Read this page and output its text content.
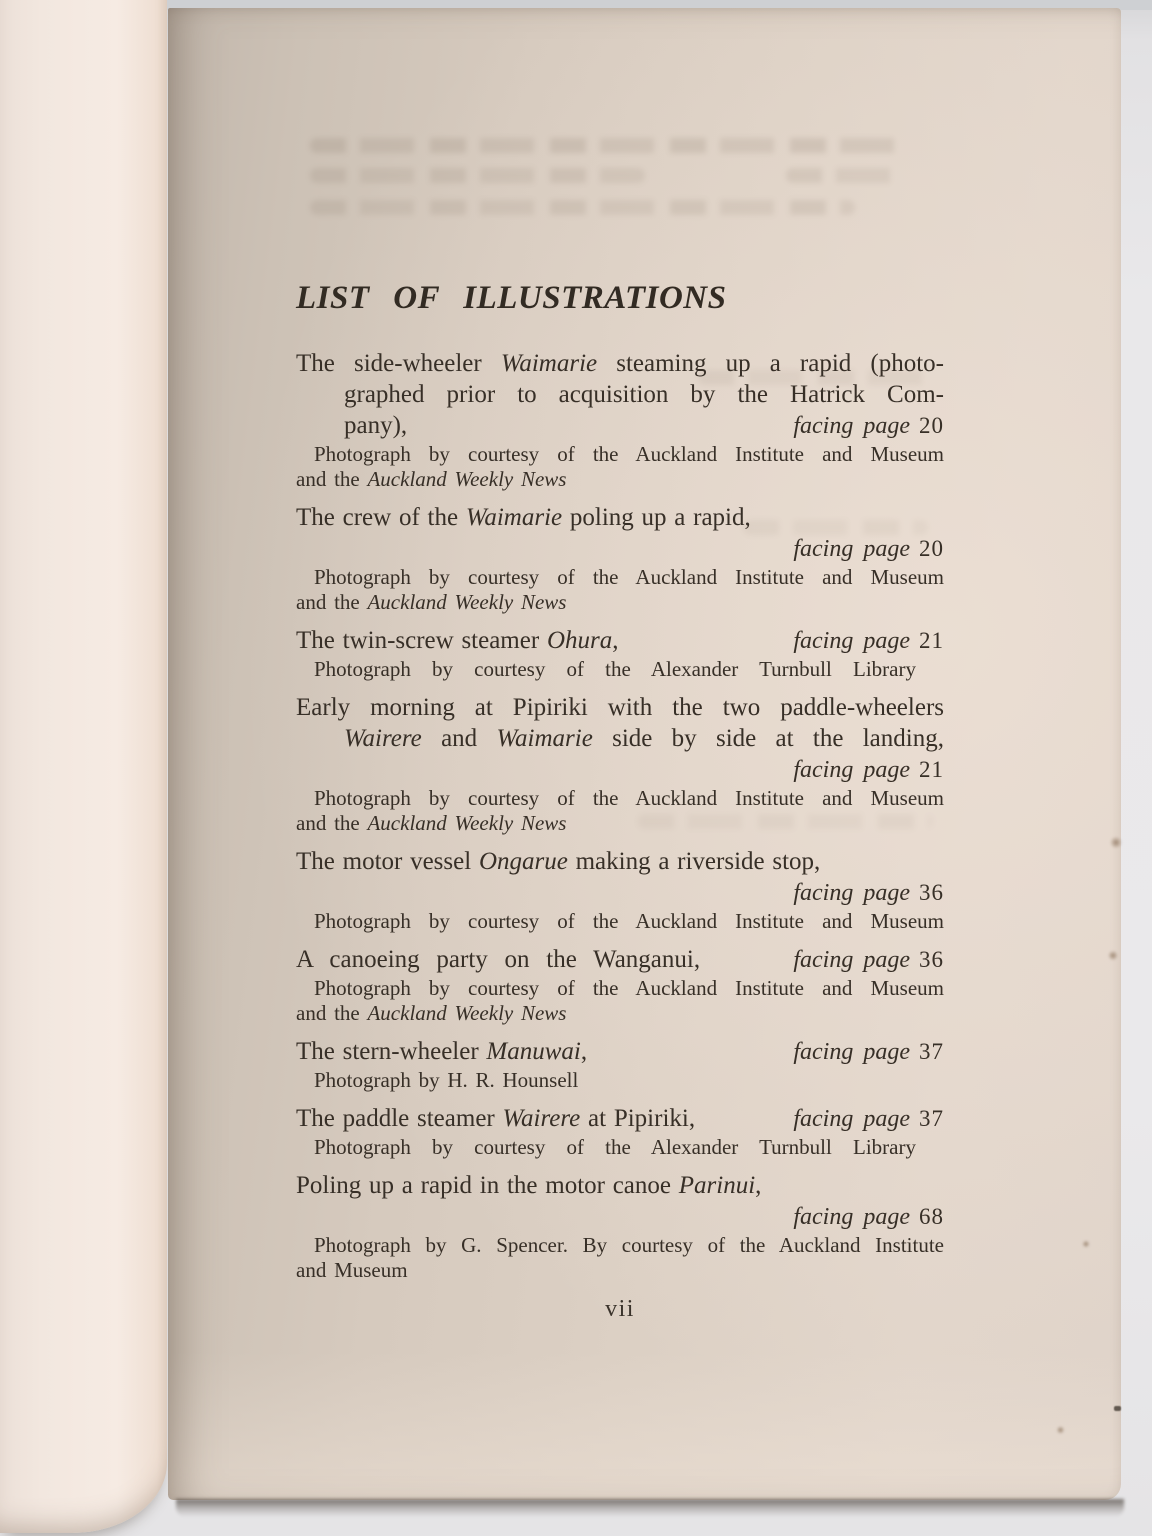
LIST OF ILLUSTRATIONS
The side-wheeler Waimarie steaming up a rapid (photo-
graphed prior to acquisition by the Hatrick Com-
pany),	facing page 20
Photograph by courtesy of the Auckland Institute and Museum
and the Auckland Weekly News
The crew of the Waimarie poling up a rapid,
facing page 20
Photograph by courtesy of the Auckland Institute and Museum
and the Auckland Weekly News
The twin-screw steamer Ohura,	facing page 21
Photograph by courtesy of the Alexander Turnbull Library
Early morning at Pipiriki with the two paddle-wheelers
Wairere and Waimarie side by side at the landing,
facing page 21
Photograph by courtesy of the Auckland Institute and Museum
and the Auckland Weekly News
The motor vessel Ongarue making a riverside stop,
facing page 36
Photograph by courtesy of the Auckland Institute and Museum
A canoeing party on the Wanganui,	facing page 36
Photograph by courtesy of the Auckland Institute and Museum
and the Auckland Weekly News
The stern-wheeler Manuwai,	facing page 37
Photograph by H. R. Hounsell
The paddle steamer Wairere at Pipiriki,	facing page 37
Photograph by courtesy of the Alexander Turnbull Library
Poling up a rapid in the motor canoe Parinui,
facing page 68
Photograph by G. Spencer. By courtesy of the Auckland Institute
and Museum
vii
